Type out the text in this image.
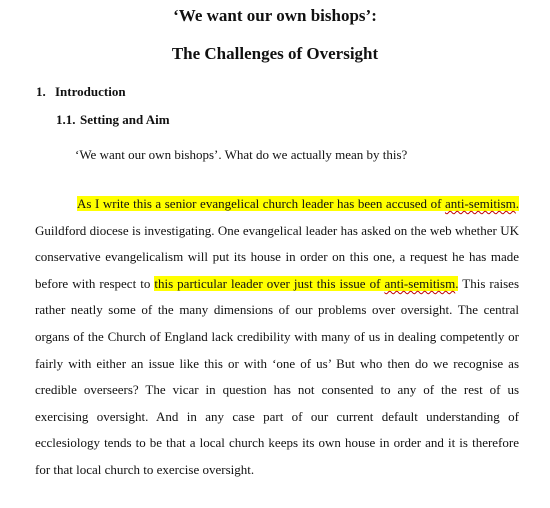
‘We want our own bishops’:
The Challenges of Oversight
1. Introduction
1.1. Setting and Aim
‘We want our own bishops’. What do we actually mean by this?

As I write this a senior evangelical church leader has been accused of anti-semitism. Guildford diocese is investigating. One evangelical leader has asked on the web whether UK conservative evangelicalism will put its house in order on this one, a request he has made before with respect to this particular leader over just this issue of anti-semitism. This raises rather neatly some of the many dimensions of our problems over oversight. The central organs of the Church of England lack credibility with many of us in dealing competently or fairly with either an issue like this or with ‘one of us’ But who then do we recognise as credible overseers? The vicar in question has not consented to any of the rest of us exercising oversight. And in any case part of our current default understanding of ecclesiology tends to be that a local church keeps its own house in order and it is therefore for that local church to exercise oversight.
